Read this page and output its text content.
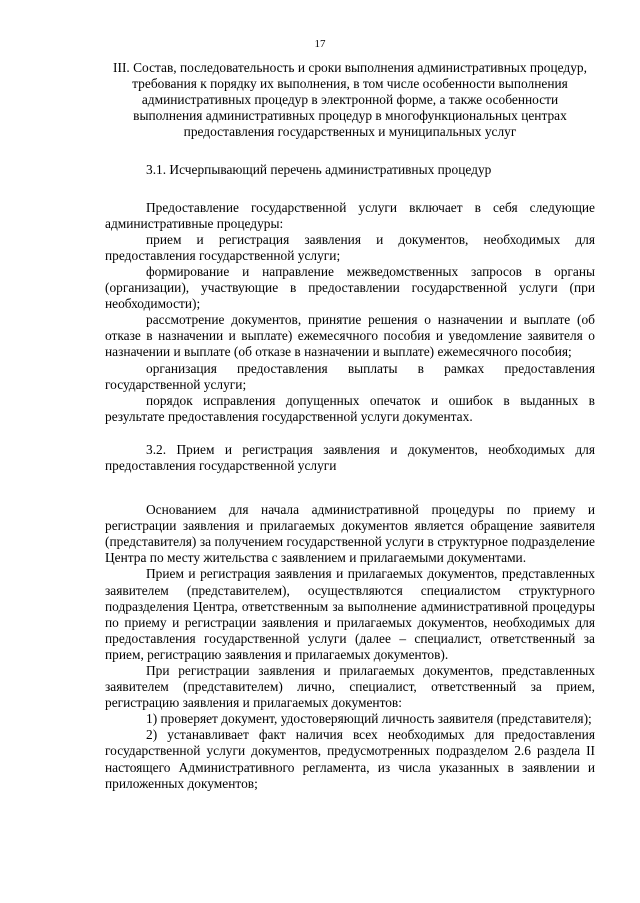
17
III. Состав, последовательность и сроки выполнения административных процедур, требования к порядку их выполнения, в том числе особенности выполнения административных процедур в электронной форме, а также особенности выполнения административных процедур в многофункциональных центрах предоставления государственных и муниципальных услуг
3.1. Исчерпывающий перечень административных процедур

Предоставление государственной услуги включает в себя следующие административные процедуры:

прием и регистрация заявления и документов, необходимых для предоставления государственной услуги;

формирование и направление межведомственных запросов в органы (организации), участвующие в предоставлении государственной услуги (при необходимости);

рассмотрение документов, принятие решения о назначении и выплате (об отказе в назначении и выплате) ежемесячного пособия и уведомление заявителя о назначении и выплате (об отказе в назначении и выплате) ежемесячного пособия;

организация предоставления выплаты в рамках предоставления государственной услуги;

порядок исправления допущенных опечаток и ошибок в выданных в результате предоставления государственной услуги документах.

3.2. Прием и регистрация заявления и документов, необходимых для предоставления государственной услуги

Основанием для начала административной процедуры по приему и регистрации заявления и прилагаемых документов является обращение заявителя (представителя) за получением государственной услуги в структурное подразделение Центра по месту жительства с заявлением и прилагаемыми документами.

Прием и регистрация заявления и прилагаемых документов, представленных заявителем (представителем), осуществляются специалистом структурного подразделения Центра, ответственным за выполнение административной процедуры по приему и регистрации заявления и прилагаемых документов, необходимых для предоставления государственной услуги (далее – специалист, ответственный за прием, регистрацию заявления и прилагаемых документов).

При регистрации заявления и прилагаемых документов, представленных заявителем (представителем) лично, специалист, ответственный за прием, регистрацию заявления и прилагаемых документов:

1) проверяет документ, удостоверяющий личность заявителя (представителя);

2) устанавливает факт наличия всех необходимых для предоставления государственной услуги документов, предусмотренных подразделом 2.6 раздела II настоящего Административного регламента, из числа указанных в заявлении и приложенных документов;
